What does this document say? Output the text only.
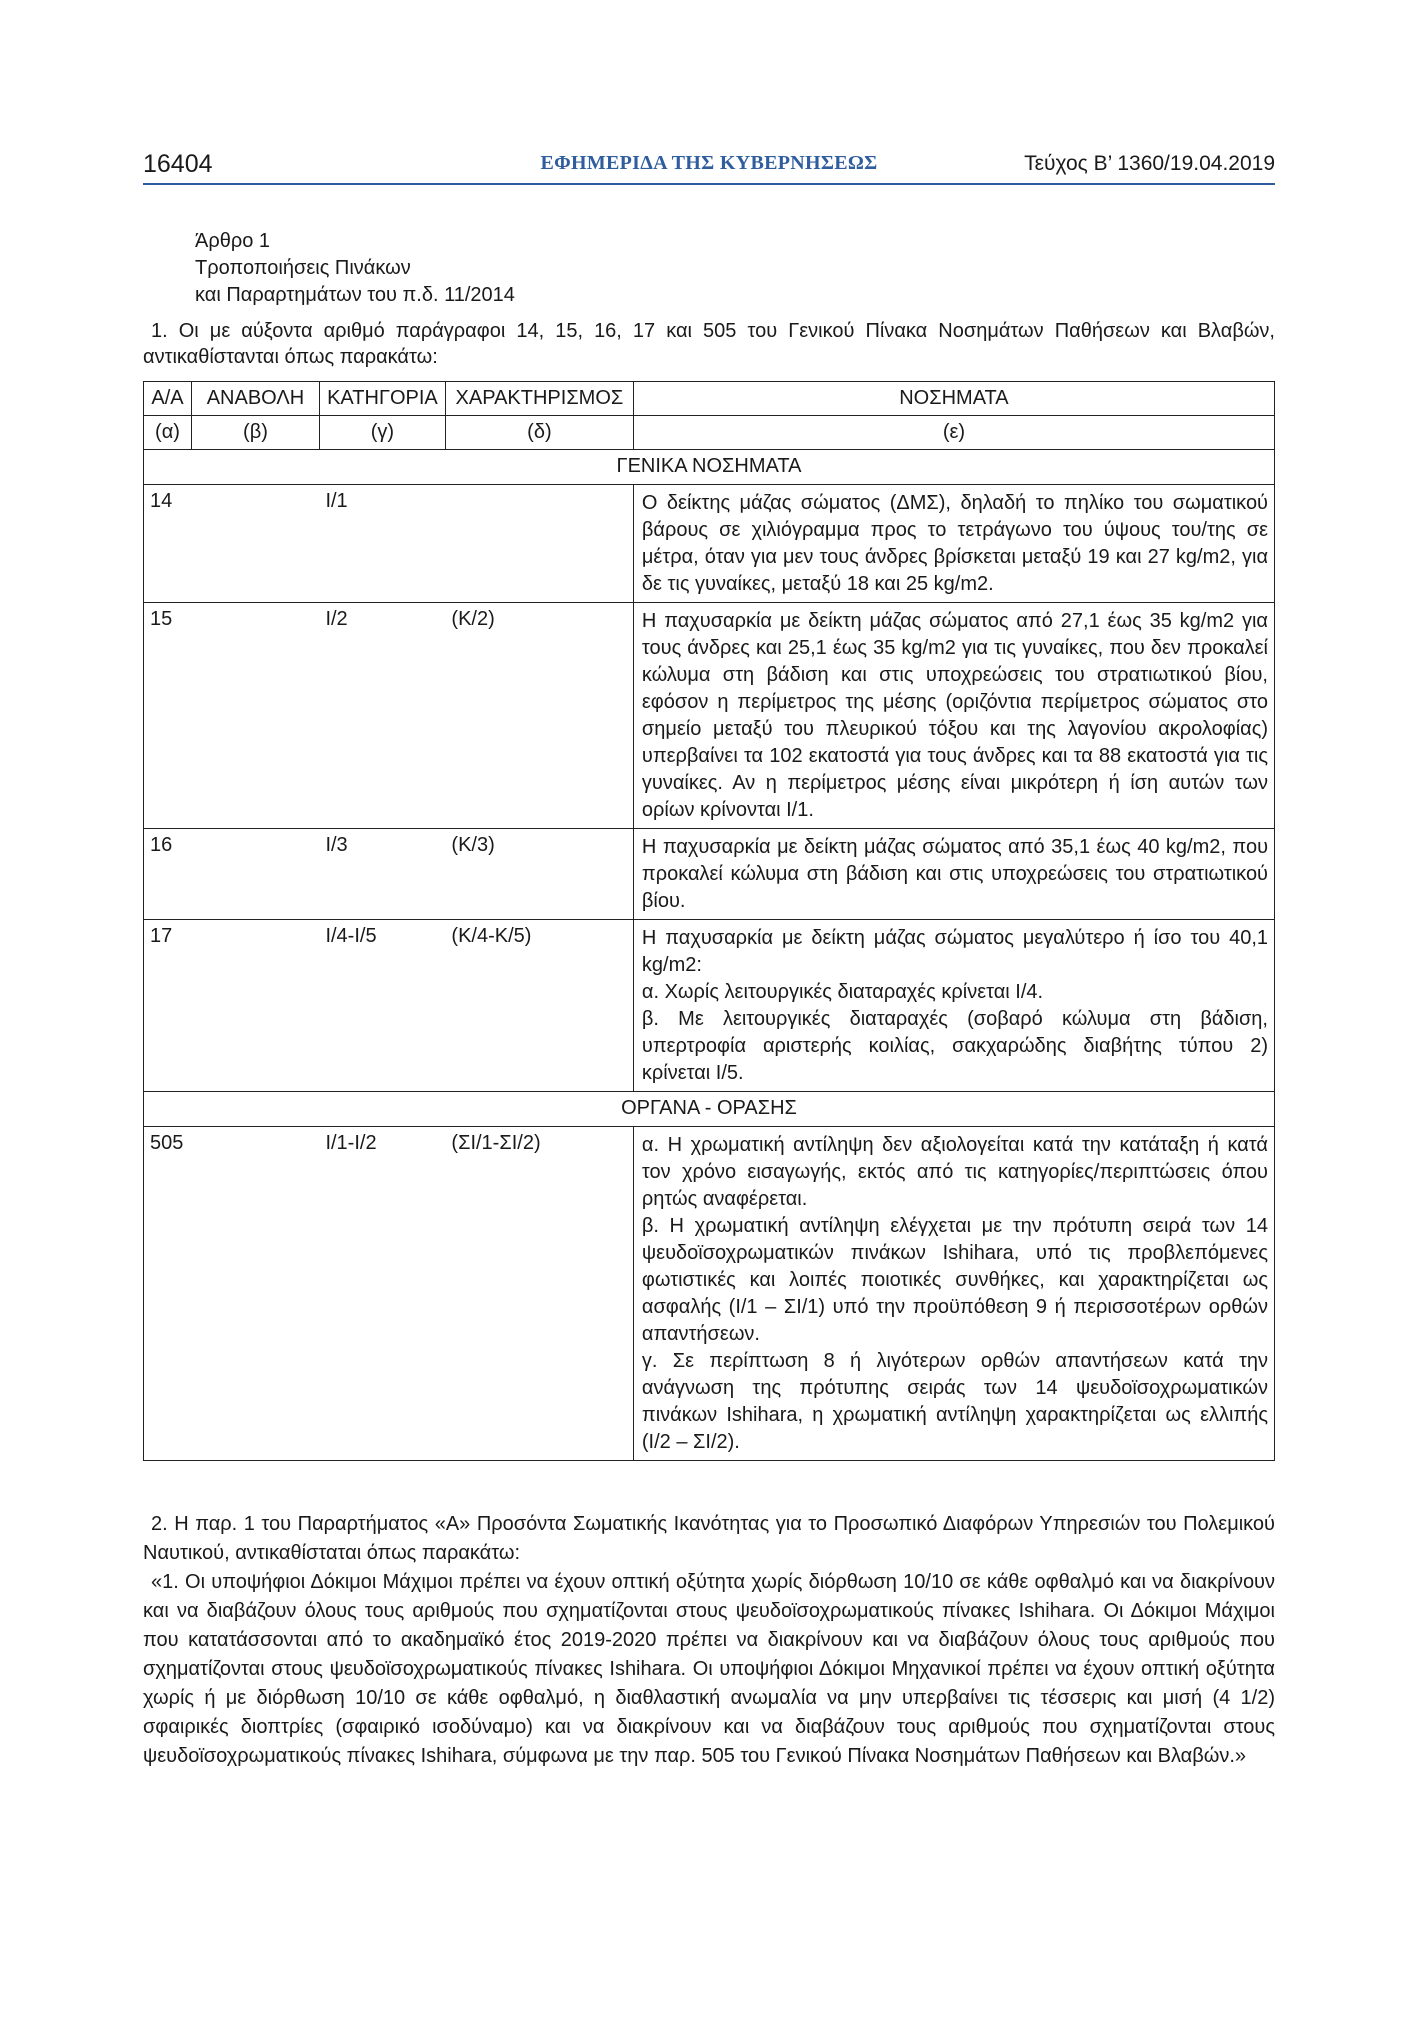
16404	ΕΦΗΜΕΡΙΔΑ ΤΗΣ ΚΥΒΕΡΝΗΣΕΩΣ	Τεύχος Β’ 1360/19.04.2019
Άρθρο 1
Τροποποιήσεις Πινάκων
και Παραρτημάτων του π.δ. 11/2014
1. Οι με αύξοντα αριθμό παράγραφοι 14, 15, 16, 17 και 505 του Γενικού Πίνακα Νοσημάτων Παθήσεων και Βλαβών, αντικαθίστανται όπως παρακάτω:
Α/Α	ΑΝΑΒΟΛΗ	ΚΑΤΗΓΟΡΙΑ	ΧΑΡΑΚΤΗΡΙΣΜΟΣ	ΝΟΣΗΜΑΤΑ
(α)	(β)	(γ)	(δ)	(ε)
ΓΕΝΙΚΑ ΝΟΣΗΜΑΤΑ				
14		Ι/1		Ο δείκτης μάζας σώματος (ΔΜΣ), δηλαδή το πηλίκο του σωματικού βάρους σε χιλιόγραμμα προς το τετράγωνο του ύψους του/της σε μέτρα, όταν για μεν τους άνδρες βρίσκεται μεταξύ 19 και 27 kg/m2, για δε τις γυναίκες, μεταξύ 18 και 25 kg/m2.
15		Ι/2	(Κ/2)	Η παχυσαρκία με δείκτη μάζας σώματος από 27,1 έως 35 kg/m2 για τους άνδρες και 25,1 έως 35 kg/m2 για τις γυναίκες, που δεν προκαλεί κώλυμα στη βάδιση και στις υποχρεώσεις του στρατιωτικού βίου, εφόσον η περίμετρος της μέσης (οριζόντια περίμετρος σώματος στο σημείο μεταξύ του πλευρικού τόξου και της λαγονίου ακρολοφίας) υπερβαίνει τα 102 εκατοστά για τους άνδρες και τα 88 εκατοστά για τις γυναίκες. Αν η περίμετρος μέσης είναι μικρότερη ή ίση αυτών των ορίων κρίνονται Ι/1.
16		Ι/3	(Κ/3)	Η παχυσαρκία με δείκτη μάζας σώματος από 35,1 έως 40 kg/m2, που προκαλεί κώλυμα στη βάδιση και στις υποχρεώσεις του στρατιωτικού βίου.
17		Ι/4-Ι/5	(Κ/4-Κ/5)	Η παχυσαρκία με δείκτη μάζας σώματος μεγαλύτερο ή ίσο του 40,1 kg/m2:
α. Χωρίς λειτουργικές διαταραχές κρίνεται Ι/4.
β. Με λειτουργικές διαταραχές (σοβαρό κώλυμα στη βάδιση, υπερτροφία αριστερής κοιλίας, σακχαρώδης διαβήτης τύπου 2) κρίνεται Ι/5.

ΟΡΓΑΝΑ - ΟΡΑΣΗΣ				
505		Ι/1-Ι/2	(ΣΙ/1-ΣΙ/2)	α. Η χρωματική αντίληψη δεν αξιολογείται κατά την κατάταξη ή κατά τον χρόνο εισαγωγής, εκτός από τις κατηγορίες/περιπτώσεις όπου ρητώς αναφέρεται.
β. Η χρωματική αντίληψη ελέγχεται με την πρότυπη σειρά των 14 ψευδοϊσοχρωματικών πινάκων Ishihara, υπό τις προβλεπόμενες φωτιστικές και λοιπές ποιοτικές συνθήκες, και χαρακτηρίζεται ως ασφαλής (Ι/1 – ΣΙ/1) υπό την προϋπόθεση 9 ή περισσοτέρων ορθών απαντήσεων.
γ. Σε περίπτωση 8 ή λιγότερων ορθών απαντήσεων κατά την ανάγνωση της πρότυπης σειράς των 14 ψευδοϊσοχρωματικών πινάκων Ishihara, η χρωματική αντίληψη χαρακτηρίζεται ως ελλιπής (Ι/2 – ΣΙ/2).

2. Η παρ. 1 του Παραρτήματος «Α» Προσόντα Σωματικής Ικανότητας για το Προσωπικό Διαφόρων Υπηρεσιών του Πολεμικού Ναυτικού, αντικαθίσταται όπως παρακάτω:

«1. Οι υποψήφιοι Δόκιμοι Μάχιμοι πρέπει να έχουν οπτική οξύτητα χωρίς διόρθωση 10/10 σε κάθε οφθαλμό και να διακρίνουν και να διαβάζουν όλους τους αριθμούς που σχηματίζονται στους ψευδοϊσοχρωματικούς πίνακες Ishihara. Οι Δόκιμοι Μάχιμοι που κατατάσσονται από το ακαδημαϊκό έτος 2019-2020 πρέπει να διακρίνουν και να διαβάζουν όλους τους αριθμούς που σχηματίζονται στους ψευδοϊσοχρωματικούς πίνακες Ishihara. Οι υποψήφιοι Δόκιμοι Μηχανικοί πρέπει να έχουν οπτική οξύτητα χωρίς ή με διόρθωση 10/10 σε κάθε οφθαλμό, η διαθλαστική ανωμαλία να μην υπερβαίνει τις τέσσερις και μισή (4 1/2) σφαιρικές διοπτρίες (σφαιρικό ισοδύναμο) και να διακρίνουν και να διαβάζουν τους αριθμούς που σχηματίζονται στους ψευδοϊσοχρωματικούς πίνακες Ishihara, σύμφωνα με την παρ. 505 του Γενικού Πίνακα Νοσημάτων Παθήσεων και Βλαβών.»
